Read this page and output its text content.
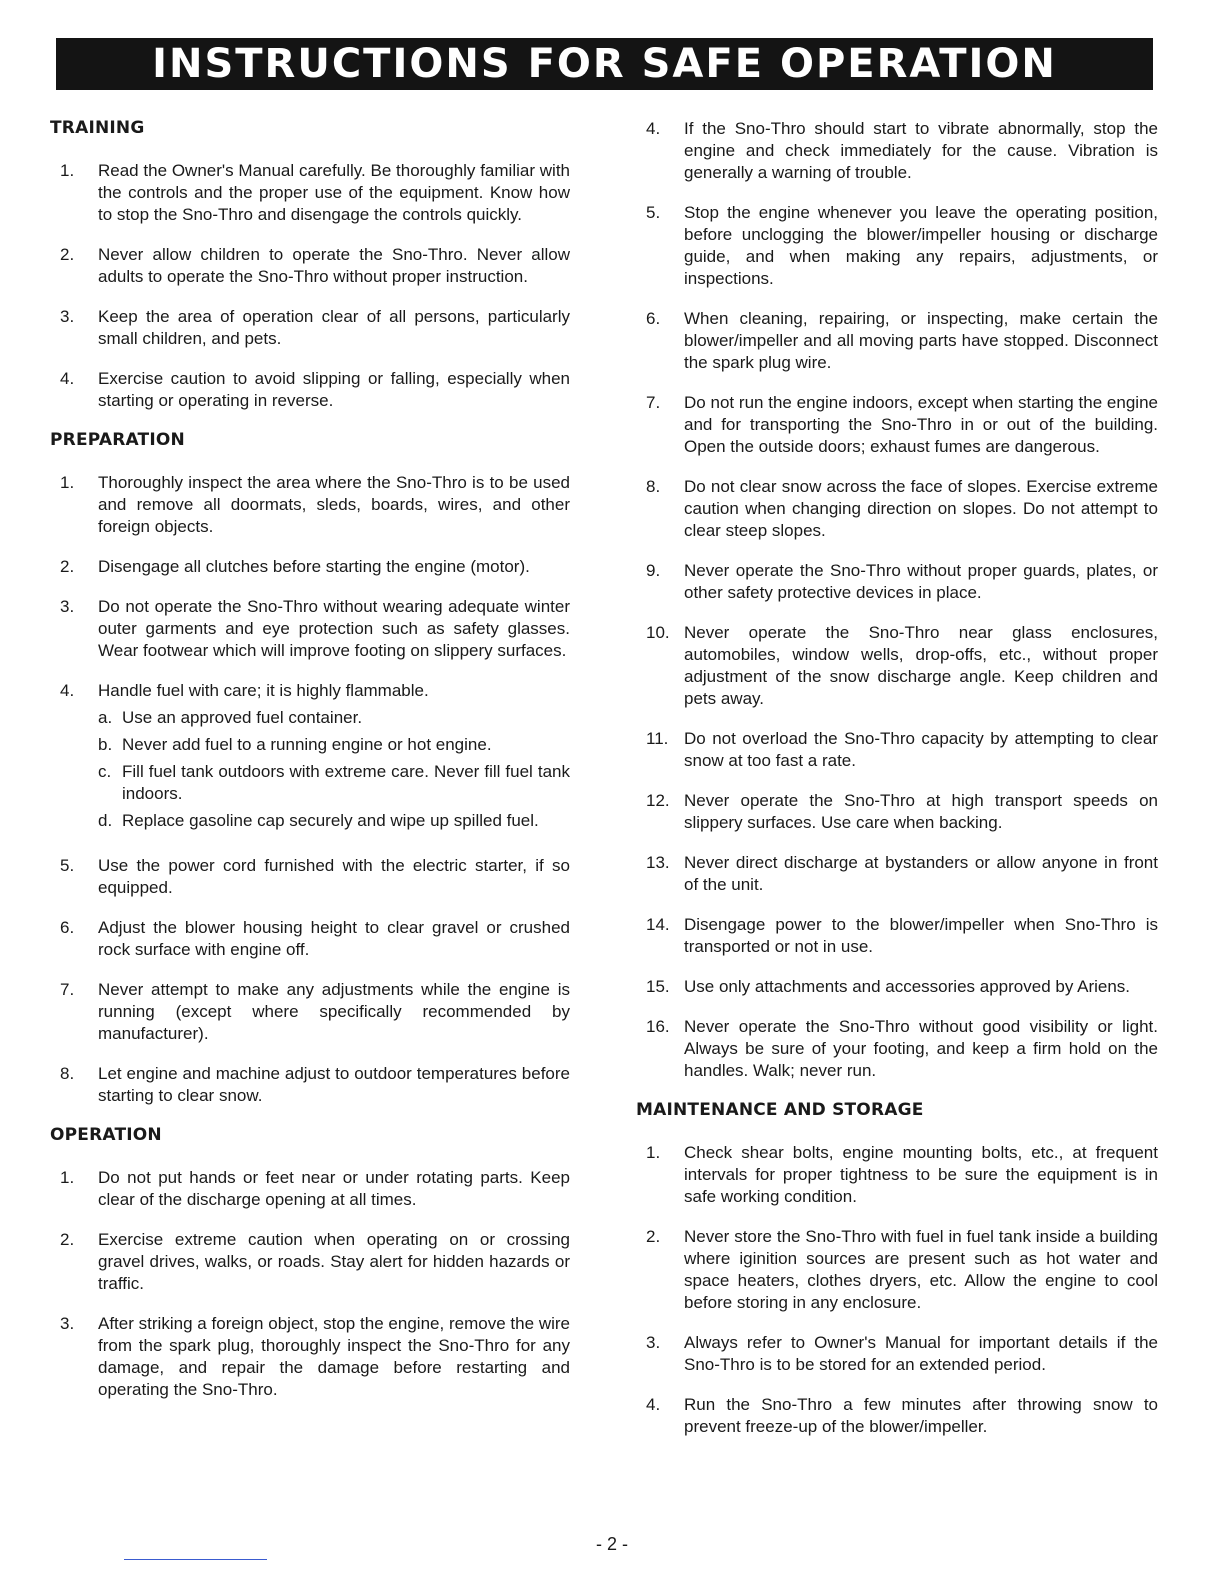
INSTRUCTIONS FOR SAFE OPERATION
TRAINING
1.	Read the Owner's Manual carefully. Be thoroughly familiar with the controls and the proper use of the equipment. Know how to stop the Sno-Thro and disengage the controls quickly.
2.	Never allow children to operate the Sno-Thro. Never allow adults to operate the Sno-Thro without proper instruction.
3.	Keep the area of operation clear of all persons, particularly small children, and pets.
4.	Exercise caution to avoid slipping or falling, especially when starting or operating in reverse.
PREPARATION
1.	Thoroughly inspect the area where the Sno-Thro is to be used and remove all doormats, sleds, boards, wires, and other foreign objects.
2.	Disengage all clutches before starting the engine (motor).
3.	Do not operate the Sno-Thro without wearing adequate winter outer garments and eye protection such as safety glasses. Wear footwear which will improve footing on slippery surfaces.
4.	Handle fuel with care; it is highly flammable.
a. Use an approved fuel container.
b. Never add fuel to a running engine or hot engine.
c. Fill fuel tank outdoors with extreme care. Never fill fuel tank indoors.
d. Replace gasoline cap securely and wipe up spilled fuel.
5.	Use the power cord furnished with the electric starter, if so equipped.
6.	Adjust the blower housing height to clear gravel or crushed rock surface with engine off.
7.	Never attempt to make any adjustments while the engine is running (except where specifically recommended by manufacturer).
8.	Let engine and machine adjust to outdoor temperatures before starting to clear snow.
OPERATION
1.	Do not put hands or feet near or under rotating parts. Keep clear of the discharge opening at all times.
2.	Exercise extreme caution when operating on or crossing gravel drives, walks, or roads. Stay alert for hidden hazards or traffic.
3.	After striking a foreign object, stop the engine, remove the wire from the spark plug, thoroughly inspect the Sno-Thro for any damage, and repair the damage before restarting and operating the Sno-Thro.
4.	If the Sno-Thro should start to vibrate abnormally, stop the engine and check immediately for the cause. Vibration is generally a warning of trouble.
5.	Stop the engine whenever you leave the operating position, before unclogging the blower/impeller housing or discharge guide, and when making any repairs, adjustments, or inspections.
6.	When cleaning, repairing, or inspecting, make certain the blower/impeller and all moving parts have stopped. Disconnect the spark plug wire.
7.	Do not run the engine indoors, except when starting the engine and for transporting the Sno-Thro in or out of the building. Open the outside doors; exhaust fumes are dangerous.
8.	Do not clear snow across the face of slopes. Exercise extreme caution when changing direction on slopes. Do not attempt to clear steep slopes.
9.	Never operate the Sno-Thro without proper guards, plates, or other safety protective devices in place.
10. Never operate the Sno-Thro near glass enclosures, automobiles, window wells, drop-offs, etc., without proper adjustment of the snow discharge angle. Keep children and pets away.
11. Do not overload the Sno-Thro capacity by attempting to clear snow at too fast a rate.
12. Never operate the Sno-Thro at high transport speeds on slippery surfaces. Use care when backing.
13. Never direct discharge at bystanders or allow anyone in front of the unit.
14. Disengage power to the blower/impeller when Sno-Thro is transported or not in use.
15. Use only attachments and accessories approved by Ariens.
16. Never operate the Sno-Thro without good visibility or light. Always be sure of your footing, and keep a firm hold on the handles. Walk; never run.
MAINTENANCE AND STORAGE
1.	Check shear bolts, engine mounting bolts, etc., at frequent intervals for proper tightness to be sure the equipment is in safe working condition.
2.	Never store the Sno-Thro with fuel in fuel tank inside a building where iginition sources are present such as hot water and space heaters, clothes dryers, etc. Allow the engine to cool before storing in any enclosure.
3.	Always refer to Owner's Manual for important details if the Sno-Thro is to be stored for an extended period.
4.	Run the Sno-Thro a few minutes after throwing snow to prevent freeze-up of the blower/impeller.
- 2 -
